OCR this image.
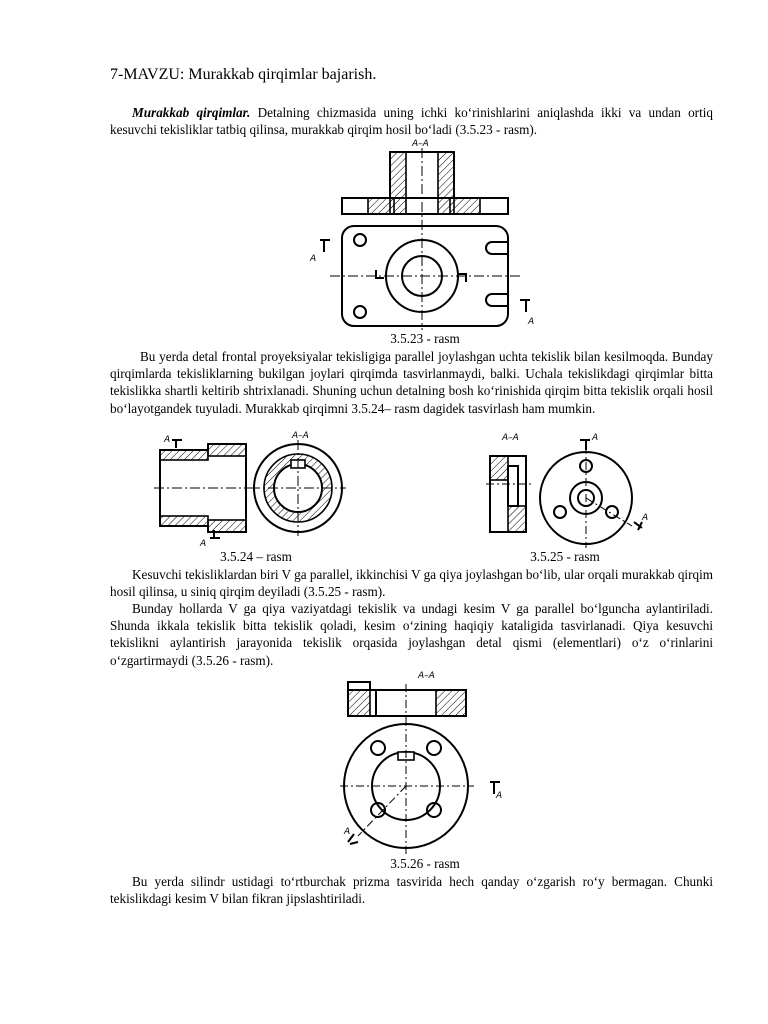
7-MAVZU: Murakkab qirqimlar bajarish.

Murakkab qirqimlar. Detalning chizmasida uning ichki ko‘rinishlarini aniqlashda ikki va undan ortiq kesuvchi tekisliklar tatbiq qilinsa, murakkab qirqim hosil bo‘ladi (3.5.23 - rasm).

A–A
A
A
3.5.23 - rasm

Bu yerda detal frontal proyeksiyalar tekisligiga parallel joylashgan uchta tekislik bilan kesilmoqda. Bunday qirqimlarda tekisliklarning bukilgan joylari qirqimda tasvirlanmaydi, balki. Uchala tekislikdagi qirqimlar bitta tekislikka shartli keltirib shtrixlanadi. Shuning uchun detalning bosh ko‘rinishida qirqim bitta tekislik orqali hosil bo‘layotgandek tuyuladi. Murakkab qirqimni 3.5.24– rasm dagidek tasvirlash ham mumkin.

A
A
A–A
3.5.24 – rasm
A–A	A
A
3.5.25 - rasm

Kesuvchi tekisliklardan biri V ga parallel, ikkinchisi V ga qiya joylashgan bo‘lib, ular orqali murakkab qirqim hosil qilinsa, u siniq qirqim deyiladi (3.5.25 - rasm).

Bunday hollarda V ga qiya vaziyatdagi tekislik va undagi kesim V ga parallel bo‘lguncha aylantiriladi. Shunda ikkala tekislik bitta tekislik qoladi, kesim o‘zining haqiqiy kataligida tasvirlanadi. Qiya kesuvchi tekislikni aylantirish jarayonida tekislik orqasida joylashgan detal qismi (elementlari) o‘z o‘rinlarini o‘zgartirmaydi (3.5.26 - rasm).

A–A
A
A
3.5.26 - rasm

Bu yerda silindr ustidagi to‘rtburchak prizma tasvirida hech qanday o‘zgarish ro‘y bermagan. Chunki tekislikdagi kesim V bilan fikran jipslashtiriladi.
